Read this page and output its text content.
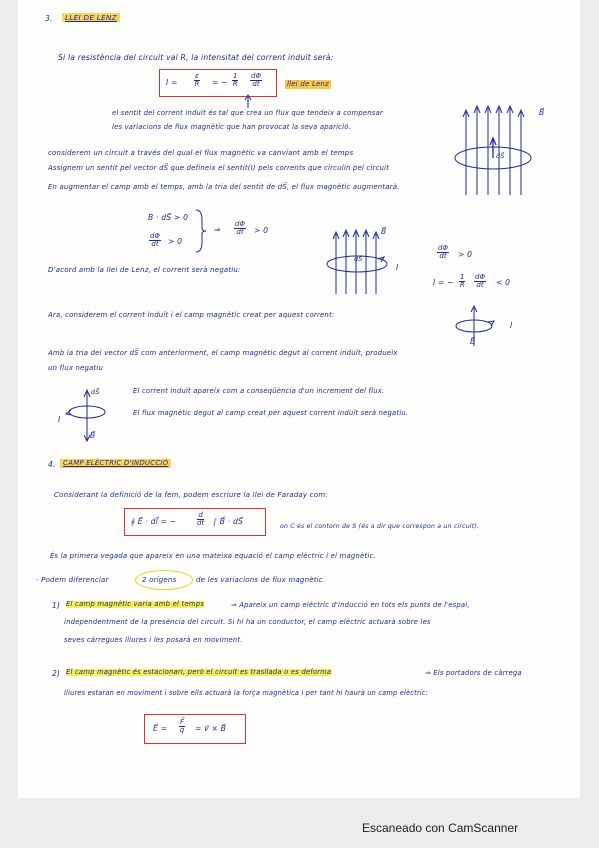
3.	LLEI DE LENZ
Si la resistència del circuit val R, la intensitat del corrent induït serà:
$I = \frac{\varepsilon}{R}$ = − $\frac{1}{R} \frac{d\Phi}{dt}$	llei de Lenz
el sentit del corrent induït és tal que crea un flux que tendeix a compensar
les variacions de flux magnètic que han provocat la seva aparició.
B⃗
dS⃗
considerem un circuit a través del qual el flux magnètic va canviant amb el temps
Assignem un sentit pel vector dS⃗ que defineix el sentit(I) pels corrents que circulin pel circuit
En augmentar el camp amb el temps, amb la tria del sentit de dS⃗, el flux magnètic augmentarà.
B · dS⃗ > 0
$\frac{d\Phi}{dt} > 0$
⇒ $\frac{d\Phi}{dt} > 0$	B⃗
dS⃗
I
$\frac{d\Phi}{dt} > 0$
I = − $\frac{1}{R} \frac{d\Phi}{dt} < 0$
D'acord amb la llei de Lenz, el corrent serà negatiu:
Ara, considerem el corrent induït i el camp magnètic creat per aquest corrent:
I
B⃗
Amb la tria del vector dS⃗ com anteriorment, el camp magnètic degut al corrent induït, produeix
un flux negatiu
dS⃗
I
B⃗
El corrent induït apareix com a conseqüència d'un increment del flux.
El flux magnètic degut al camp creat per aquest corrent induït serà negatiu.
4.	CAMP ELÈCTRIC D'INDUCCIÓ
Considerant la definició de la fem, podem escriure la llei de Faraday com:
∮ E⃗ · dl⃗ = −	$\frac{d}{dt}$ ∫ B⃗ · dS⃗
on C és el contorn de S (és a dir que correspon a un circuit).
És la primera vegada que apareix en una mateixa equació el camp elèctric i el magnètic.
- Podem diferenciar	2 orígens	de les variacions de flux magnètic.
1) El camp magnètic varia amb el temps	⇒ Apareix un camp elèctric d'inducció en tots els punts de l'espai,
independentment de la presència del circuit. Si hi ha un conductor, el camp elèctric actuarà sobre les
seves càrregues lliures i les posarà en moviment.
2) El camp magnètic és estacionari, però el circuit es trasllada o es deforma	⇒ Els portadors de càrrega
lliures estaran en moviment i sobre ells actuarà la força magnètica i per tant hi haurà un camp elèctric:
E⃗ = $\frac{F⃗}{q}$ = v⃗ × B⃗
Escaneado con CamScanner
